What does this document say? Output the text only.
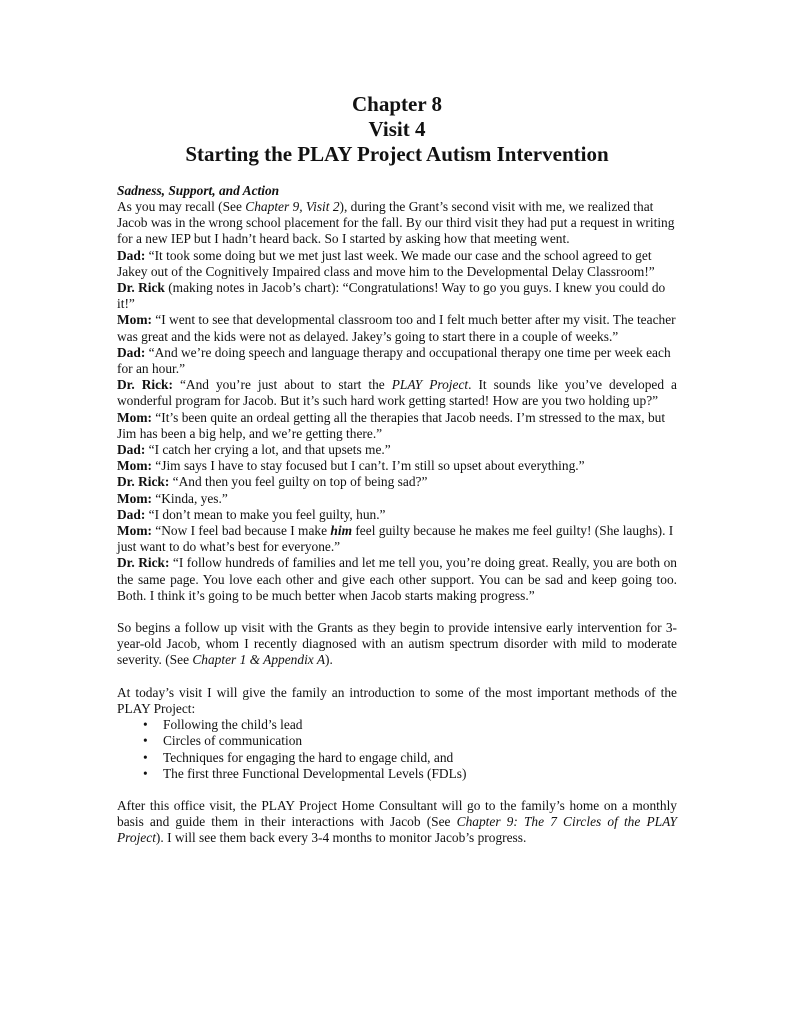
Chapter 8
Visit 4
Starting the PLAY Project Autism Intervention
Sadness, Support, and Action

As you may recall (See Chapter 9, Visit 2), during the Grant’s second visit with me, we realized that Jacob was in the wrong school placement for the fall. By our third visit they had put a request in writing for a new IEP but I hadn’t heard back. So I started by asking how that meeting went.

Dad: “It took some doing but we met just last week. We made our case and the school agreed to get Jakey out of the Cognitively Impaired class and move him to the Developmental Delay Classroom!”

Dr. Rick (making notes in Jacob’s chart): “Congratulations! Way to go you guys. I knew you could do it!”

Mom: “I went to see that developmental classroom too and I felt much better after my visit. The teacher was great and the kids were not as delayed. Jakey’s going to start there in a couple of weeks.”

Dad: “And we’re doing speech and language therapy and occupational therapy one time per week each for an hour.”

Dr. Rick: “And you’re just about to start the PLAY Project. It sounds like you’ve developed a wonderful program for Jacob. But it’s such hard work getting started! How are you two holding up?”

Mom: “It’s been quite an ordeal getting all the therapies that Jacob needs. I’m stressed to the max, but Jim has been a big help, and we’re getting there.”

Dad: “I catch her crying a lot, and that upsets me.”

Mom: “Jim says I have to stay focused but I can’t. I’m still so upset about everything.”

Dr. Rick: “And then you feel guilty on top of being sad?”

Mom: “Kinda, yes.”

Dad: “I don’t mean to make you feel guilty, hun.”

Mom: “Now I feel bad because I make him feel guilty because he makes me feel guilty! (She laughs). I just want to do what’s best for everyone.”

Dr. Rick: “I follow hundreds of families and let me tell you, you’re doing great. Really, you are both on the same page. You love each other and give each other support. You can be sad and keep going too. Both. I think it’s going to be much better when Jacob starts making progress.”

So begins a follow up visit with the Grants as they begin to provide intensive early intervention for 3-year-old Jacob, whom I recently diagnosed with an autism spectrum disorder with mild to moderate severity. (See Chapter 1 & Appendix A).

At today’s visit I will give the family an introduction to some of the most important methods of the PLAY Project:

• Following the child’s lead
• Circles of communication
• Techniques for engaging the hard to engage child, and
• The first three Functional Developmental Levels (FDLs)

After this office visit, the PLAY Project Home Consultant will go to the family’s home on a monthly basis and guide them in their interactions with Jacob (See Chapter 9: The 7 Circles of the PLAY Project). I will see them back every 3-4 months to monitor Jacob’s progress.
